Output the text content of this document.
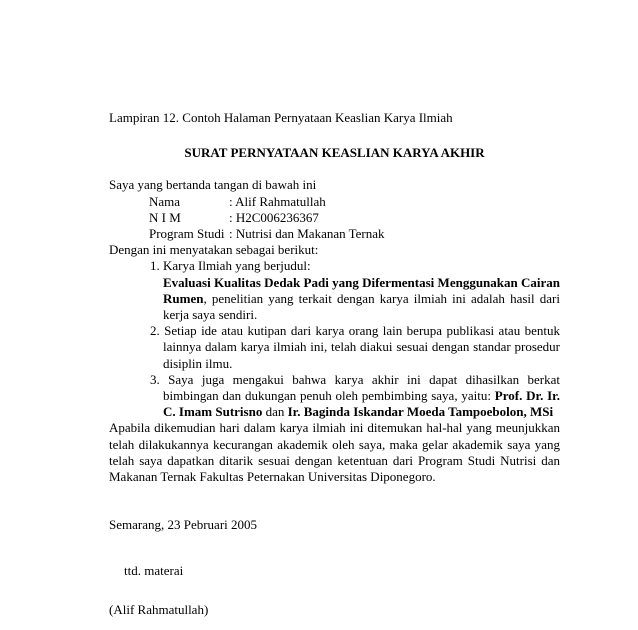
Lampiran 12. Contoh Halaman Pernyataan Keaslian Karya Ilmiah
SURAT PERNYATAAN KEASLIAN KARYA AKHIR
Saya yang bertanda tangan di bawah ini
Nama	: Alif Rahmatullah
N I M	: H2C006236367
Program Studi : Nutrisi dan Makanan Ternak
Dengan ini menyatakan sebagai berikut:
1. Karya Ilmiah yang berjudul:
Evaluasi Kualitas Dedak Padi yang Difermentasi Menggunakan Cairan Rumen, penelitian yang terkait dengan karya ilmiah ini adalah hasil dari kerja saya sendiri.
2. Setiap ide atau kutipan dari karya orang lain berupa publikasi atau bentuk lainnya dalam karya ilmiah ini, telah diakui sesuai dengan standar prosedur disiplin ilmu.
3. Saya juga mengakui bahwa karya akhir ini dapat dihasilkan berkat bimbingan dan dukungan penuh oleh pembimbing saya, yaitu: Prof. Dr. Ir. C. Imam Sutrisno dan Ir. Baginda Iskandar Moeda Tampoebolon, MSi
Apabila dikemudian hari dalam karya ilmiah ini ditemukan hal-hal yang meunjukkan telah dilakukannya kecurangan akademik oleh saya, maka gelar akademik saya yang telah saya dapatkan ditarik sesuai dengan ketentuan dari Program Studi Nutrisi dan Makanan Ternak Fakultas Peternakan Universitas Diponegoro.
Semarang, 23 Pebruari 2005
ttd. materai
(Alif Rahmatullah)
